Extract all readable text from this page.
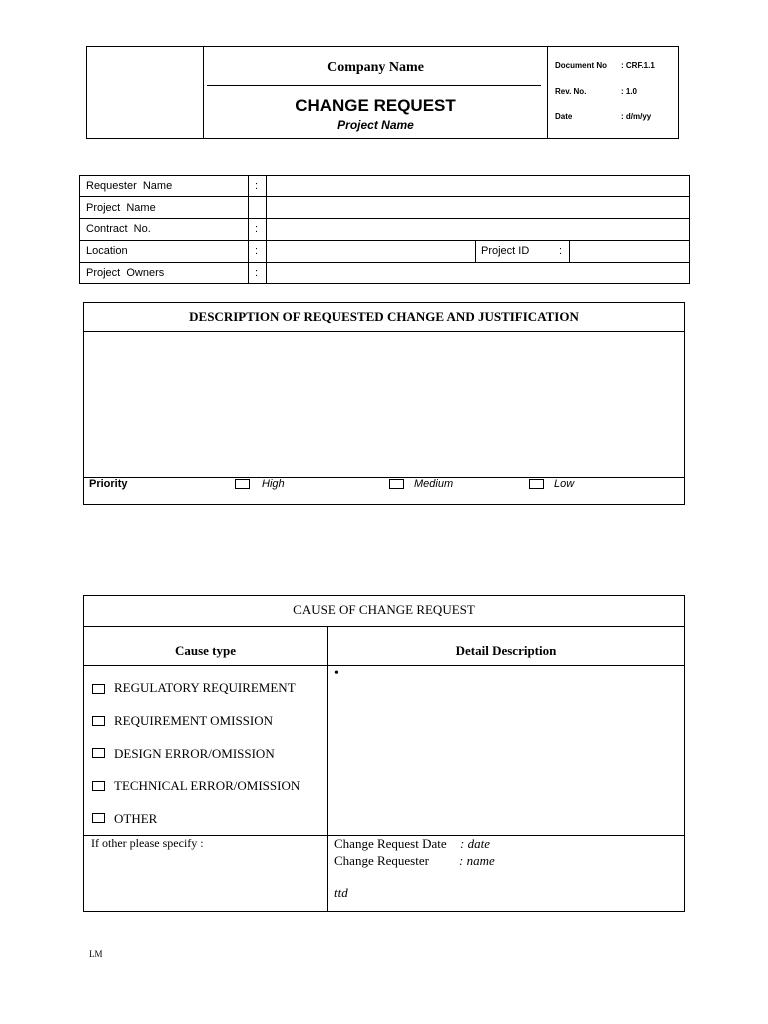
Company Name
CHANGE REQUEST
Project Name
Document No : CRF.1.1
Rev. No.	: 1.0
Date	: d/m/yy
Requester  Name	:
Project  Name
Contract  No.	:
Location	:	Project ID	:
Project  Owners	:
DESCRIPTION OF REQUESTED CHANGE AND JUSTIFICATION
Priority	High	Medium	Low
CAUSE OF CHANGE REQUEST
Cause type	Detail Description
REGULATORY REQUIREMENT
REQUIREMENT OMISSION
DESIGN ERROR/OMISSION
TECHNICAL ERROR/OMISSION
OTHER
•
If other please specify :	Change Request Date : date
Change Requester : name
ttd
LM
